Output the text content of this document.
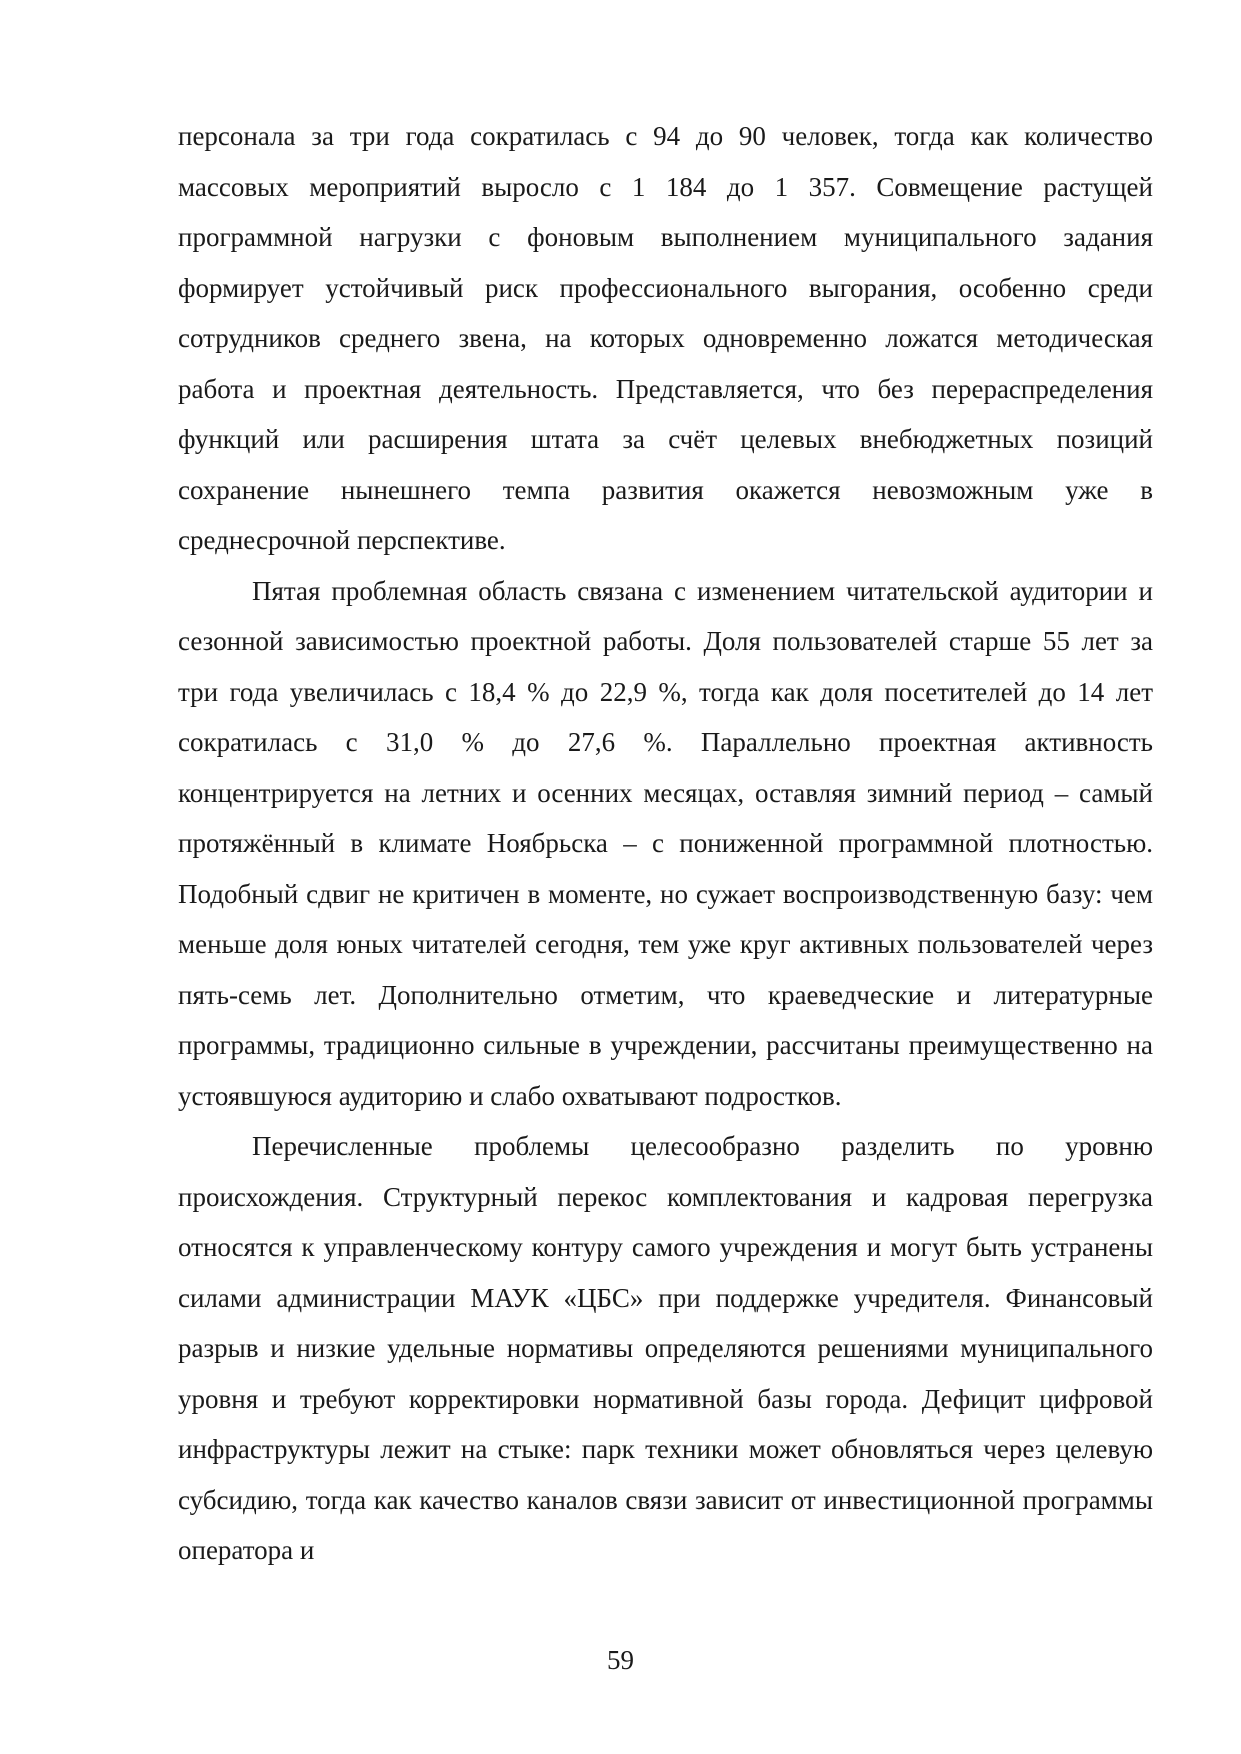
персонала за три года сократилась с 94 до 90 человек, тогда как количество массовых мероприятий выросло с 1 184 до 1 357. Совмещение растущей программной нагрузки с фоновым выполнением муниципального задания формирует устойчивый риск профессионального выгорания, особенно среди сотрудников среднего звена, на которых одновременно ложатся методическая работа и проектная деятельность. Представляется, что без перераспределения функций или расширения штата за счёт целевых внебюджетных позиций сохранение нынешнего темпа развития окажется невозможным уже в среднесрочной перспективе.

Пятая проблемная область связана с изменением читательской аудитории и сезонной зависимостью проектной работы. Доля пользователей старше 55 лет за три года увеличилась с 18,4 % до 22,9 %, тогда как доля посетителей до 14 лет сократилась с 31,0 % до 27,6 %. Параллельно проектная активность концентрируется на летних и осенних месяцах, оставляя зимний период – самый протяжённый в климате Ноябрьска – с пониженной программной плотностью. Подобный сдвиг не критичен в моменте, но сужает воспроизводственную базу: чем меньше доля юных читателей сегодня, тем уже круг активных пользователей через пять-семь лет. Дополнительно отметим, что краеведческие и литературные программы, традиционно сильные в учреждении, рассчитаны преимущественно на устоявшуюся аудиторию и слабо охватывают подростков.

Перечисленные проблемы целесообразно разделить по уровню происхождения. Структурный перекос комплектования и кадровая перегрузка относятся к управленческому контуру самого учреждения и могут быть устранены силами администрации МАУК «ЦБС» при поддержке учредителя. Финансовый разрыв и низкие удельные нормативы определяются решениями муниципального уровня и требуют корректировки нормативной базы города. Дефицит цифровой инфраструктуры лежит на стыке: парк техники может обновляться через целевую субсидию, тогда как качество каналов связи зависит от инвестиционной программы оператора и

59
